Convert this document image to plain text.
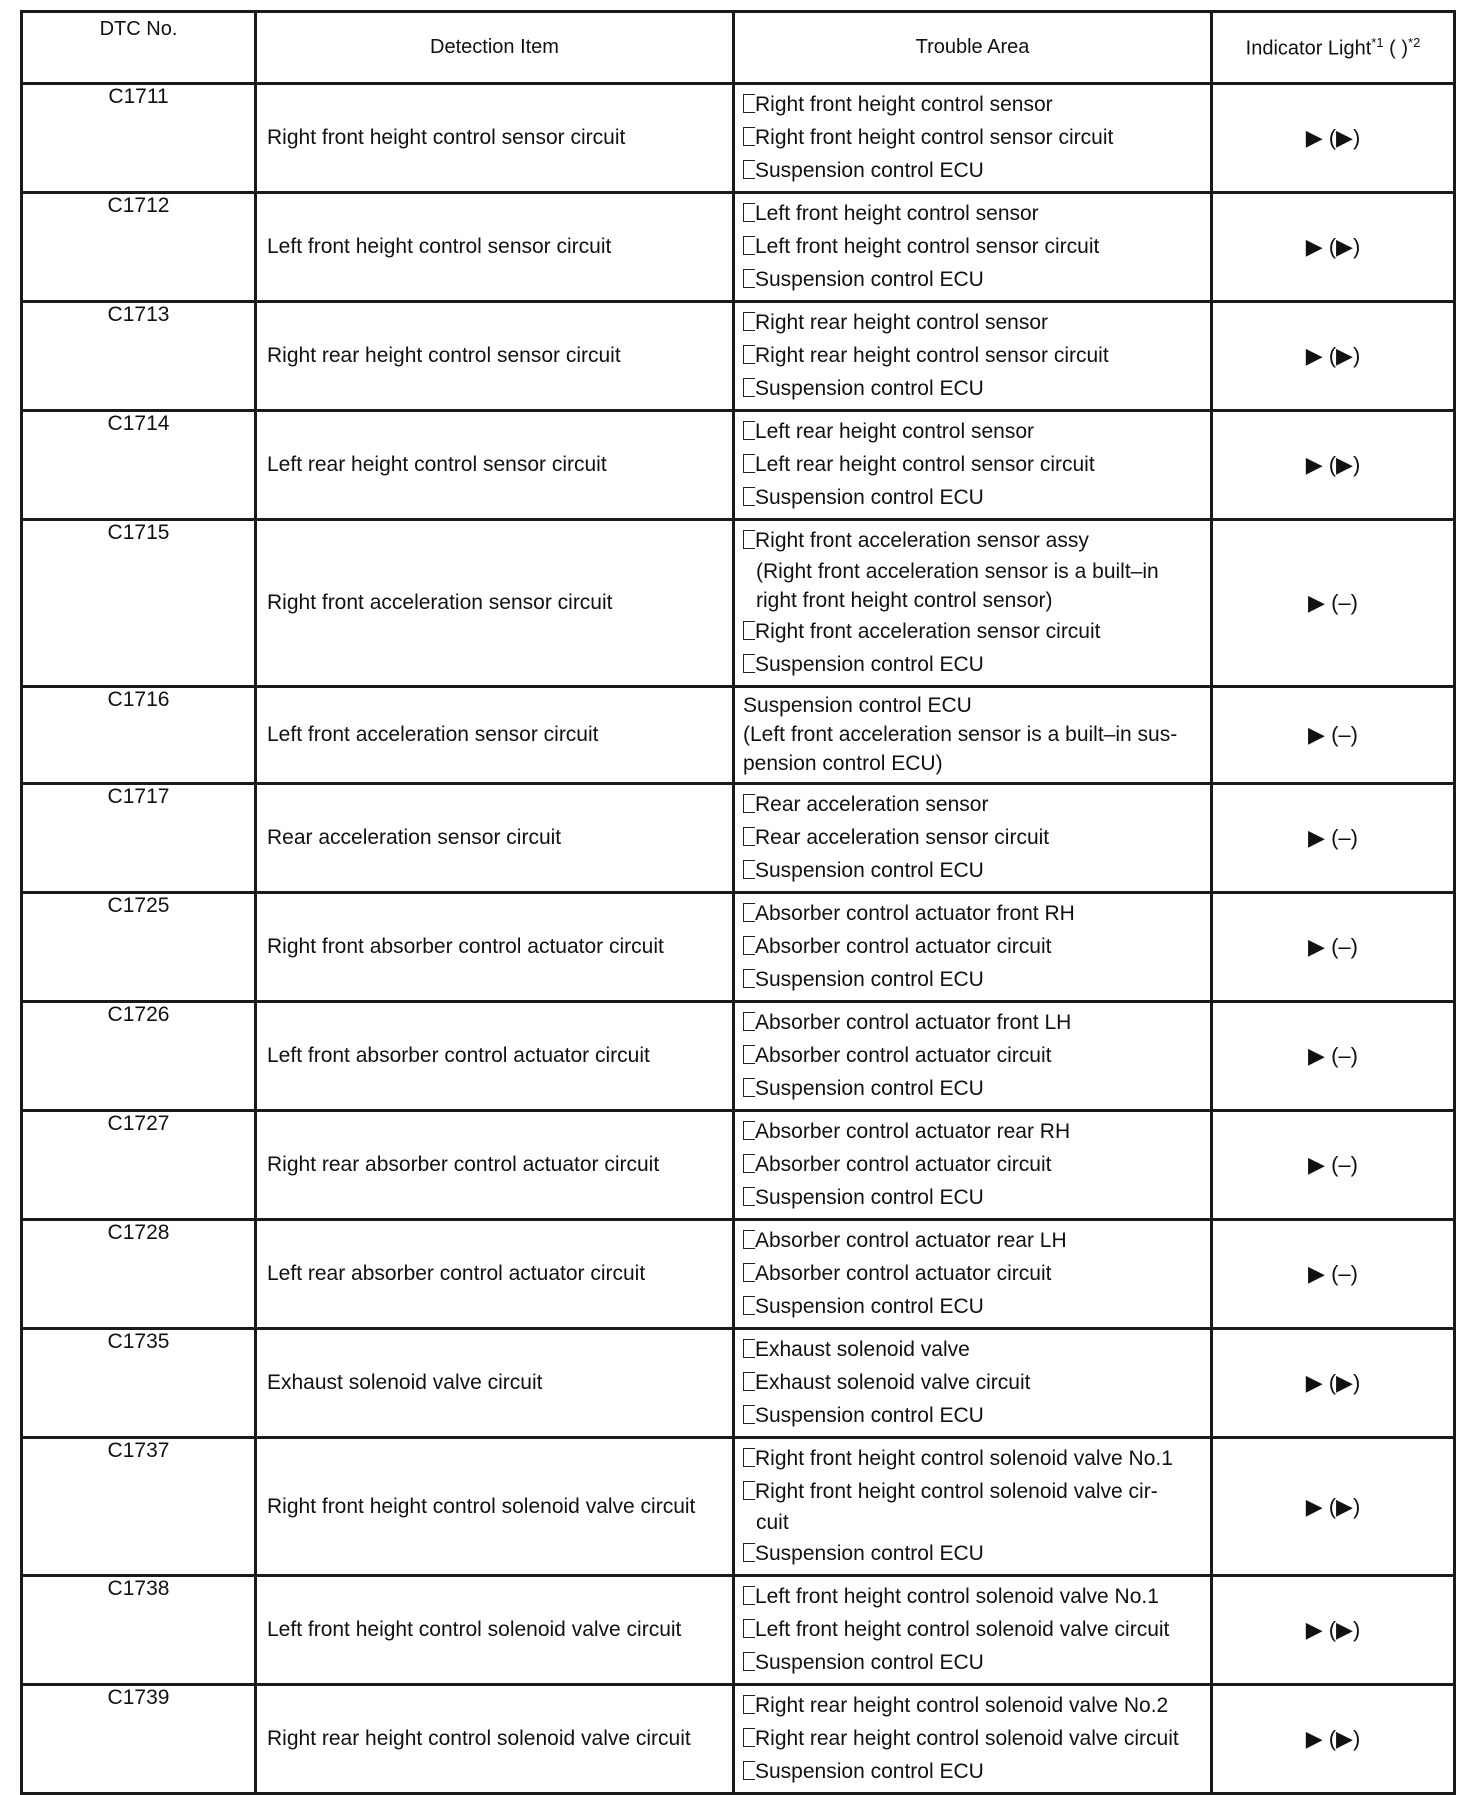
DTC No.	Detection Item	Trouble Area	Indicator Light$^{*1}$ ( )$^{*2}$
C1711	Right front height control sensor circuit	Right front height control sensor
Right front height control sensor circuit
Suspension control ECU	▶ (▶)
C1712	Left front height control sensor circuit	Left front height control sensor
Left front height control sensor circuit
Suspension control ECU	▶ (▶)
C1713	Right rear height control sensor circuit	Right rear height control sensor
Right rear height control sensor circuit
Suspension control ECU	▶ (▶)
C1714	Left rear height control sensor circuit	Left rear height control sensor
Left rear height control sensor circuit
Suspension control ECU	▶ (▶)
C1715	Right front acceleration sensor circuit	Right front acceleration sensor assy
(Right front acceleration sensor is a built–in
right front height control sensor)
Right front acceleration sensor circuit
Suspension control ECU	▶ (–)
C1716	Left front acceleration sensor circuit	Suspension control ECU
(Left front acceleration sensor is a built–in sus-
pension control ECU)	▶ (–)
C1717	Rear acceleration sensor circuit	Rear acceleration sensor
Rear acceleration sensor circuit
Suspension control ECU	▶ (–)
C1725	Right front absorber control actuator circuit	Absorber control actuator front RH
Absorber control actuator circuit
Suspension control ECU	▶ (–)
C1726	Left front absorber control actuator circuit	Absorber control actuator front LH
Absorber control actuator circuit
Suspension control ECU	▶ (–)
C1727	Right rear absorber control actuator circuit	Absorber control actuator rear RH
Absorber control actuator circuit
Suspension control ECU	▶ (–)
C1728	Left rear absorber control actuator circuit	Absorber control actuator rear LH
Absorber control actuator circuit
Suspension control ECU	▶ (–)
C1735	Exhaust solenoid valve circuit	Exhaust solenoid valve
Exhaust solenoid valve circuit
Suspension control ECU	▶ (▶)
C1737	Right front height control solenoid valve circuit	Right front height control solenoid valve No.1
Right front height control solenoid valve cir-
cuit
Suspension control ECU	▶ (▶)
C1738	Left front height control solenoid valve circuit	Left front height control solenoid valve No.1
Left front height control solenoid valve circuit
Suspension control ECU	▶ (▶)
C1739	Right rear height control solenoid valve circuit	Right rear height control solenoid valve No.2
Right rear height control solenoid valve circuit
Suspension control ECU	▶ (▶)
